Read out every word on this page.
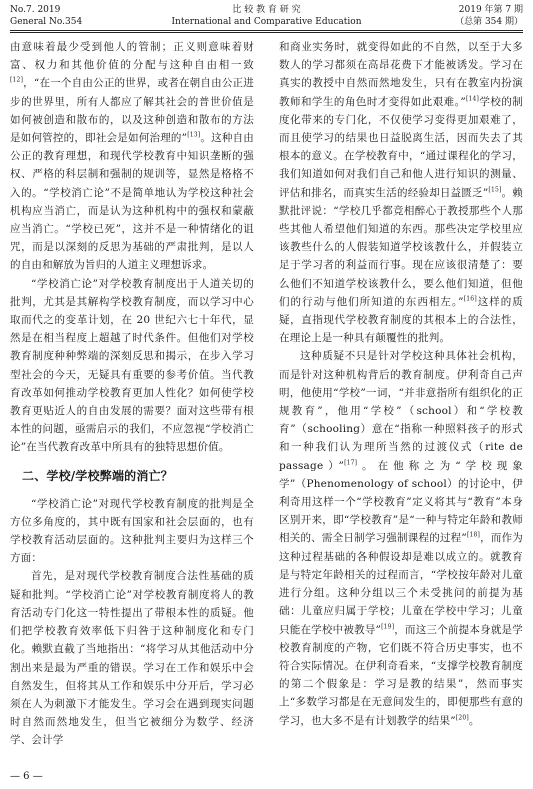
No.7. 2019
General No.354
比 较 教 育 研 究
International and Comparative Education
2019 年第 7 期
（总第 354 期）

由意味着最少受到他人的管制；正义则意味着财富、权力和其他价值的分配与这种自由相一致[12]，“在一个自由公正的世界，或者在朝自由公正进步的世界里，所有人都应了解其社会的普世价值是如何被创造和散布的，以及这种创造和散布的方法是如何管控的，即社会是如何治理的”[13]。这种自由公正的教育理想，和现代学校教育中知识垄断的强权、严格的科层制和强制的规训等，显然是格格不入的。“学校消亡论”不是简单地认为学校这种社会机构应当消亡，而是认为这种机构中的强权和蒙蔽应当消亡。“学校已死”，这并不是一种情绪化的诅咒，而是以深刻的反思为基础的严肃批判，是以人的自由和解放为旨归的人道主义理想诉求。

“学校消亡论”对学校教育制度出于人道关切的批判，尤其是其解构学校教育制度，而以学习中心取而代之的变革计划，在 20 世纪六七十年代，显然是在相当程度上超越了时代条件。但他们对学校教育制度种种弊端的深刻反思和揭示，在步入学习型社会的今天，无疑具有重要的参考价值。当代教育改革如何推动学校教育更加人性化？如何使学校教育更贴近人的自由发展的需要？面对这些带有根本性的问题，亟需启示的我们，不应忽视“学校消亡论”在当代教育改革中所具有的独特思想价值。

二、学校/学校弊端的消亡？

“学校消亡论”对现代学校教育制度的批判是全方位多角度的，其中既有国家和社会层面的，也有学校教育活动层面的。这种批判主要归为这样三个方面：

首先，是对现代学校教育制度合法性基础的质疑和批判。“学校消亡论”对学校教育制度将人的教育活动专门化这一特性提出了带根本性的质疑。他们把学校教育效率低下归咎于这种制度化和专门化。赖默直截了当地指出：“将学习从其他活动中分割出来是最为严重的错误。学习在工作和娱乐中会自然发生，但将其从工作和娱乐中分开后，学习必须在人为刺激下才能发生。学习会在遇到现实问题时自然而然地发生，但当它被细分为数学、经济学、会计学

和商业实务时，就变得如此的不自然，以至于大多数人的学习都须在高昂花费下才能被诱发。学习在真实的教授中自然而然地发生，只有在教室内扮演教师和学生的角色时才变得如此艰难。”[14]学校的制度化带来的专门化，不仅使学习变得更加艰难了，而且使学习的结果也日益脱离生活，因而失去了其根本的意义。在学校教育中，“通过课程化的学习，我们知道如何对我们自己和他人进行知识的测量、评估和排名，而真实生活的经验却日益匮乏”[15]。赖默批评说：“学校几乎都竞相醉心于教授那些个人那些其他人希望他们知道的东西。那些决定学校里应该教些什么的人假装知道学校该教什么，并假装立足于学习者的利益而行事。现在应该很清楚了：要么他们不知道学校该教什么，要么他们知道，但他们的行动与他们所知道的东西相左。”[16]这样的质疑，直指现代学校教育制度的其根本上的合法性，在理论上是一种具有颠覆性的批判。

这种质疑不只是针对学校这种具体社会机构，而是针对这种机构背后的教育制度。伊利奇自己声明，他使用“学校”一词，“并非意指所有组织化的正规教育”，他用“学校”（school）和“学校教育”（schooling）意在“指称一种照料孩子的形式和一种我们认为理所当然的过渡仪式（rite de passage）”[17]。在他称之为“学校现象学”（Phenomenology of school）的讨论中，伊利奇用这样一个“学校教育”定义将其与“教育”本身区别开来，即“学校教育”是“一种与特定年龄和教师相关的、需全日制学习强制课程的过程”[18]，而作为这种过程基础的各种假设却是难以成立的。就教育是与特定年龄相关的过程而言，“学校按年龄对儿童进行分组。这种分组以三个未受挑问的前提为基础：儿童应归属于学校；儿童在学校中学习；儿童只能在学校中被教导”[19]，而这三个前提本身就是学校教育制度的产物，它们既不符合历史事实，也不符合实际情况。在伊利奇看来，“支撑学校教育制度的第二个假象是：学习是教的结果”，然而事实上“多数学习都是在无意间发生的，即便那些有意的学习，也大多不是有计划教学的结果”[20]。

— 6 —
